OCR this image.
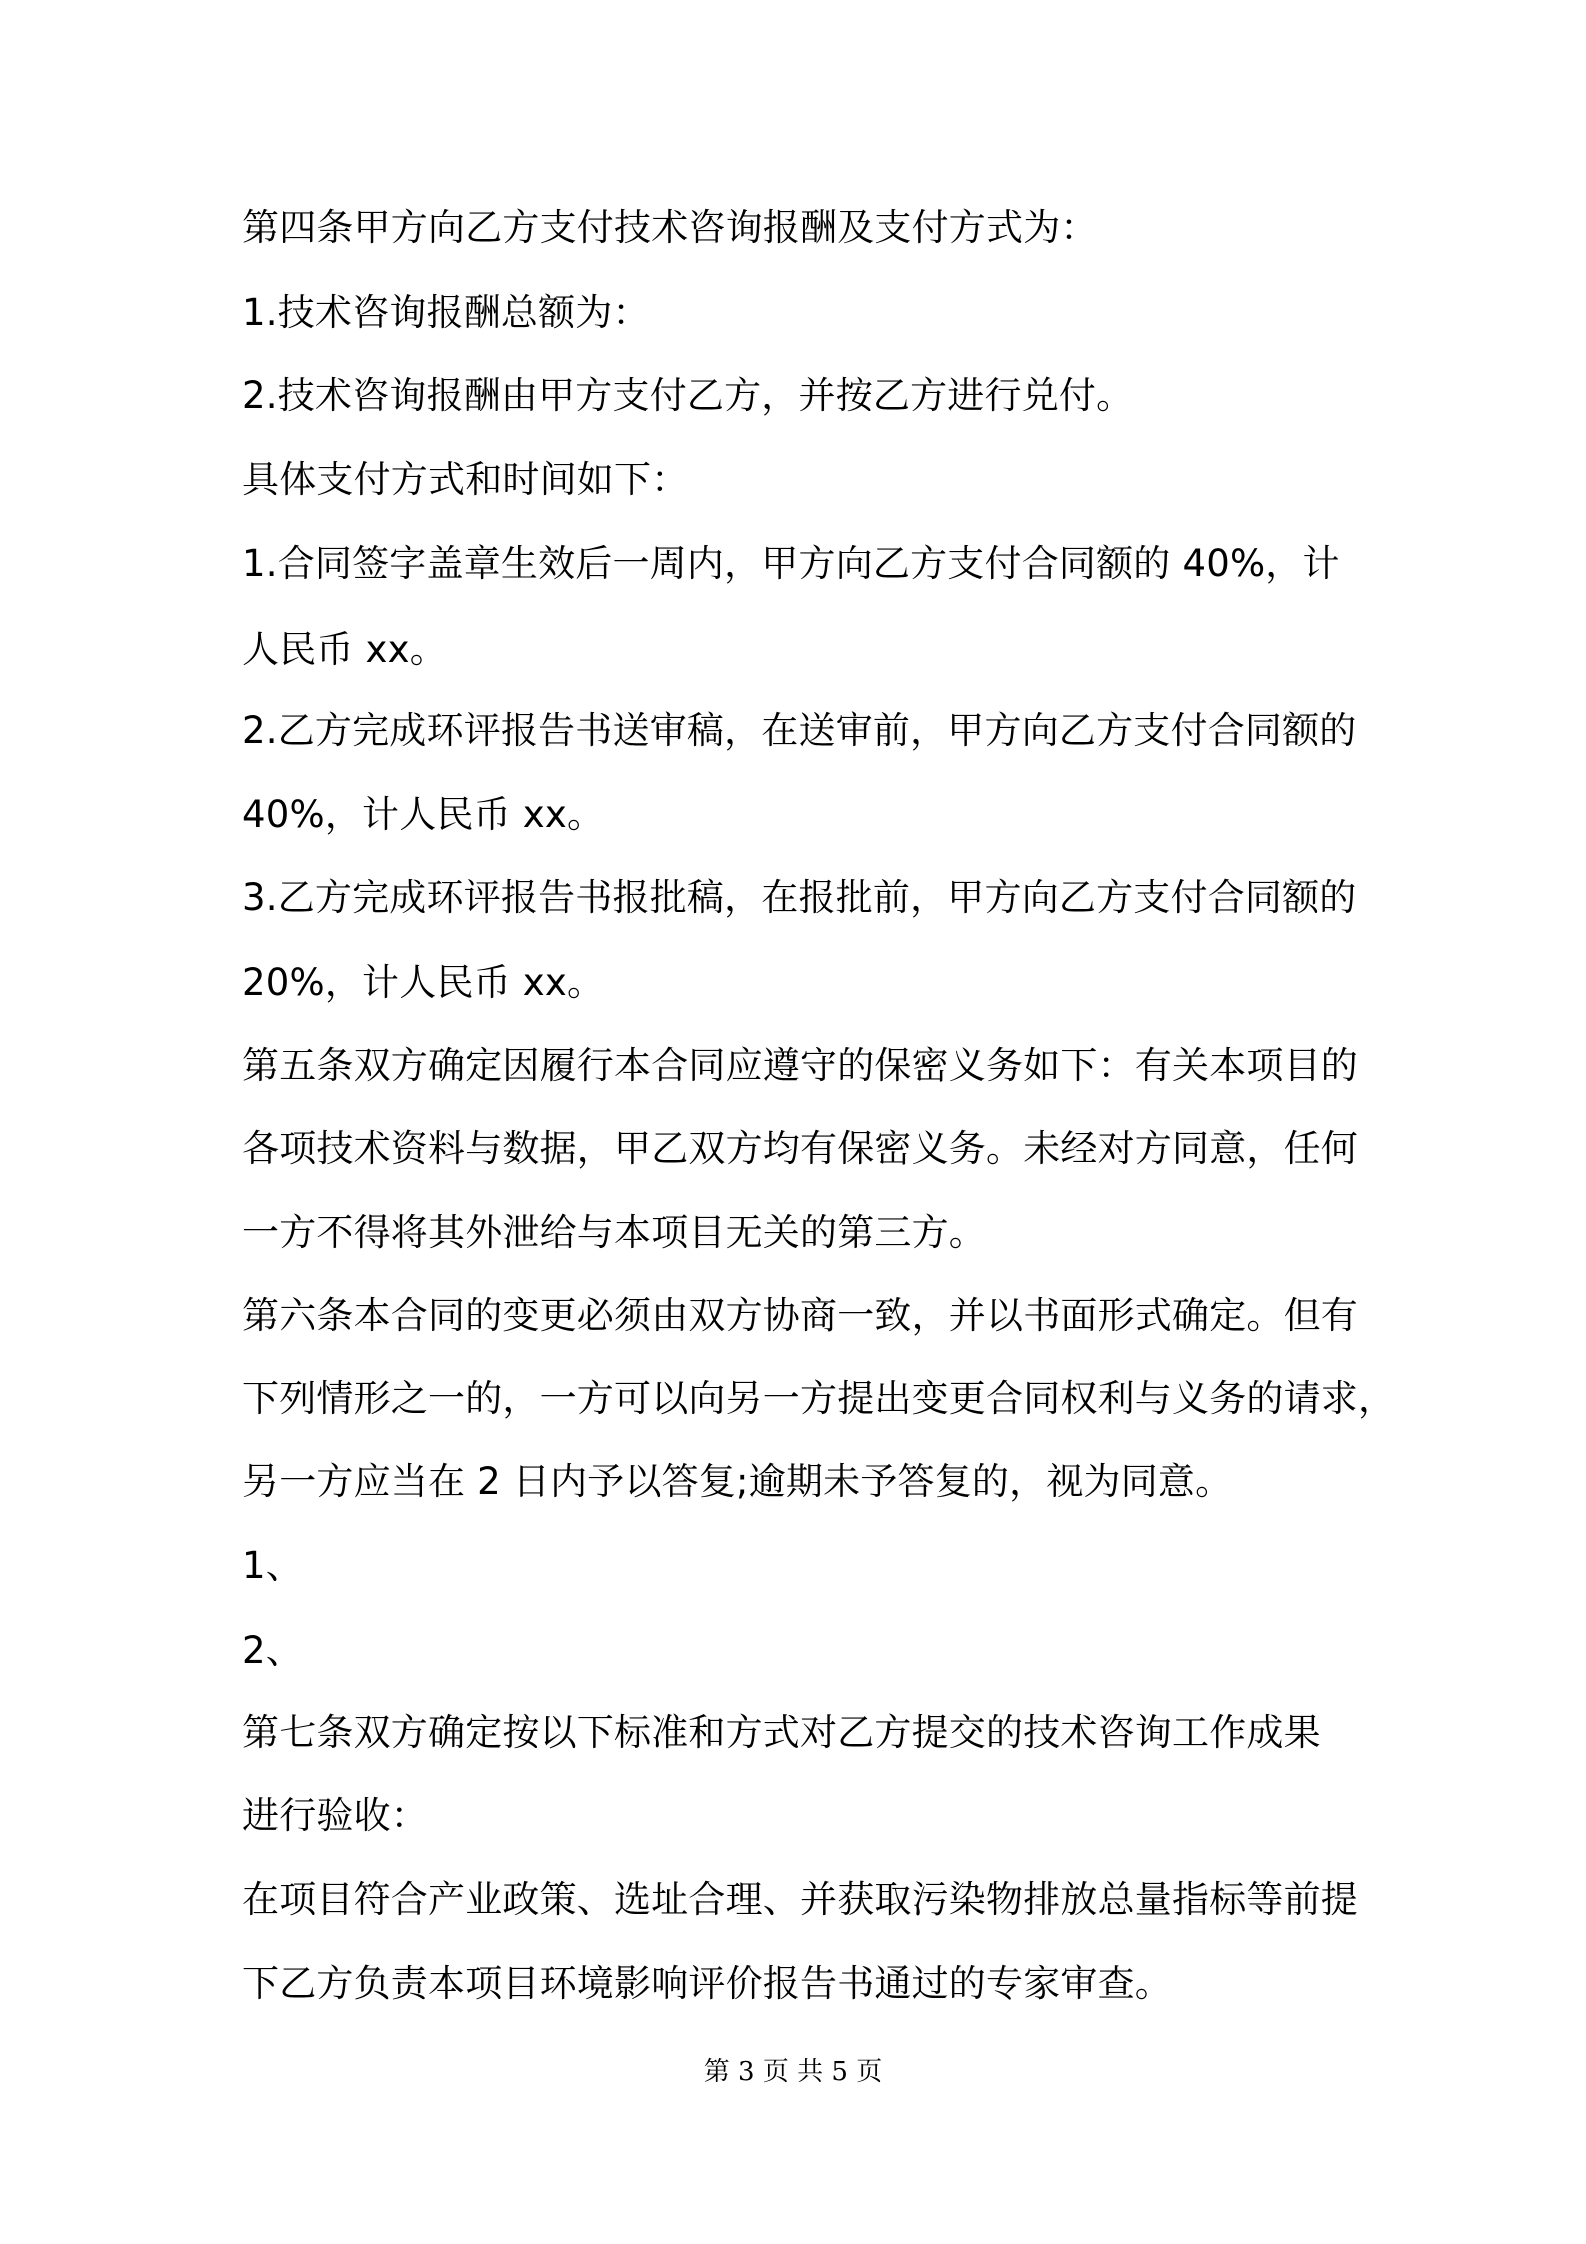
第四条甲方向乙方支付技术咨询报酬及支付方式为：
1.技术咨询报酬总额为：
2.技术咨询报酬由甲方支付乙方，并按乙方进行兑付。
具体支付方式和时间如下：
1.合同签字盖章生效后一周内，甲方向乙方支付合同额的 40%，计
人民币 xx。
2.乙方完成环评报告书送审稿，在送审前，甲方向乙方支付合同额的
40%，计人民币 xx。
3.乙方完成环评报告书报批稿，在报批前，甲方向乙方支付合同额的
20%，计人民币 xx。
第五条双方确定因履行本合同应遵守的保密义务如下：有关本项目的
各项技术资料与数据，甲乙双方均有保密义务。未经对方同意，任何
一方不得将其外泄给与本项目无关的第三方。
第六条本合同的变更必须由双方协商一致，并以书面形式确定。但有
下列情形之一的，一方可以向另一方提出变更合同权利与义务的请求，
另一方应当在 2 日内予以答复;逾期未予答复的，视为同意。
1、
2、
第七条双方确定按以下标准和方式对乙方提交的技术咨询工作成果
进行验收：
在项目符合产业政策、选址合理、并获取污染物排放总量指标等前提
下乙方负责本项目环境影响评价报告书通过的专家审查。
第 3 页 共 5 页
